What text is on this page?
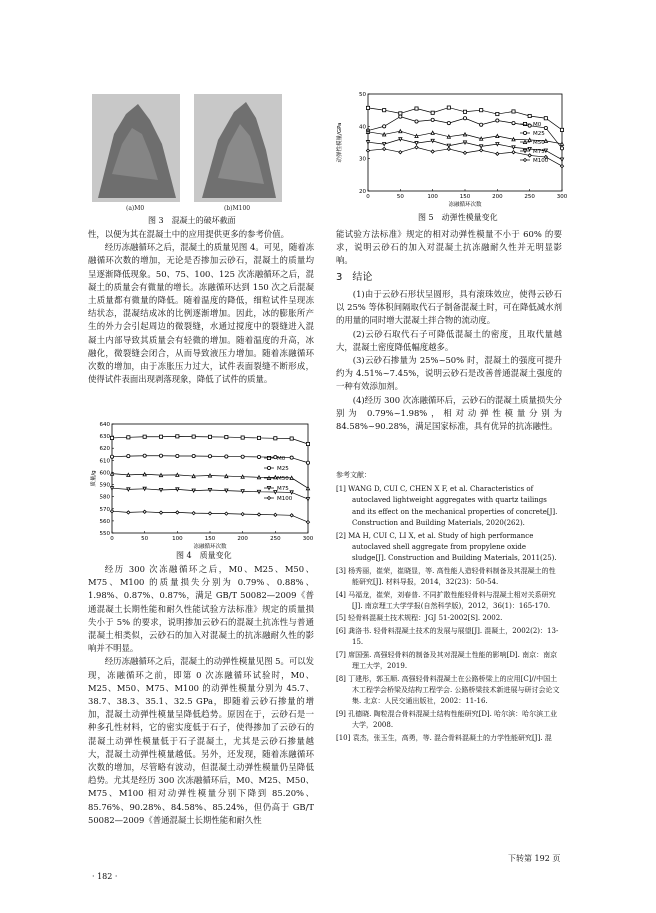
(a)M0	(b)M100
图 3　混凝土的破坏截面

性，以便为其在混凝土中的应用提供更多的参考价值。

经历冻融循环之后，混凝土的质量见图 4。可见，随着冻融循环次数的增加，无论是否掺加云砂石，混凝土的质量均呈逐渐降低现象。50、75、100、125 次冻融循环之后，混凝土的质量会有微量的增长。冻融循环达到 150 次之后混凝土质量都有微量的降低。随着温度的降低，细粒试件呈现冻结状态，混凝结成冰的比例逐渐增加。因此，冰的膨胀所产生的外力会引起周边的微裂缝，水通过搅度中的裂缝进入混凝土内部导致其质量会有轻微的增加。随着温度的升高，冰融化，微裂缝会闭合，从而导致液压力增加。随着冻融循环次数的增加，由于冻胀压力过大，试件表面裂缝不断形成，使得试件表面出现剥落现象，降低了试件的质量。

0	50	100	150	200	250	300
550
560
570
580
590
600
610
620
630
640
冻融循环次数
质量/g
M0
M25
M50
M75
M100
图 4　质量变化

经历 300 次冻融循环之后，M0、M25、M50、M75、M100 的质量损失分别为 0.79%、0.88%、1.98%、0.87%、0.87%，满足 GB/T 50082—2009《普通混凝土长期性能和耐久性能试验方法标准》规定的质量损失小于 5% 的要求，说明掺加云砂石的混凝土抗冻性与普通混凝土相类似，云砂石的加入对混凝土的抗冻融耐久性的影响并不明显。

经历冻融循环之后，混凝土的动弹性模量见图 5。可以发现，冻融循环之前，即第 0 次冻融循环试验时，M0、M25、M50、M75、M100 的动弹性模量分别为 45.7、38.7、38.3、35.1、32.5 GPa，即随着云砂石掺量的增加，混凝土动弹性模量呈降低趋势。原因在于，云砂石是一种多孔性材料，它的密实度低于石子，使得掺加了云砂石的混凝土动弹性模量低于石子混凝土，尤其是云砂石掺量越大，混凝土动弹性模量越低。另外，还发现，随着冻融循环次数的增加，尽管略有波动，但混凝土动弹性模量仍呈降低趋势。尤其是经历 300 次冻融循环后，M0、M25、M50、M75、M100 相对动弹性模量分别下降到 85.20%、85.76%、90.28%、84.58%、85.24%，但仍高于 GB/T 50082—2009《普通混凝土长期性能和耐久性

0	50	100	150	200	250	300
20
30
40
50
冻融循环次数
动弹性模量/GPa	M0
M25
M50
M75
M100
图 5　动弹性模量变化

能试验方法标准》规定的相对动弹性模量不小于 60% 的要求，说明云砂石的加入对混凝土抗冻融耐久性并无明显影响。

3　结论

(1)由于云砂石形状呈圆形，具有滚珠效应，使得云砂石以 25% 等体积间隔取代石子制备混凝土时，可在降低减水剂的用量的同时增大混凝土拌合物的流动度。

(2)云砂石取代石子可降低混凝土的密度，且取代量越大，混凝土密度降低幅度越多。

(3)云砂石掺量为 25%~50% 时，混凝土的强度可提升约为 4.51%~7.45%，说明云砂石是改善普通混凝土强度的一种有效添加剂。

(4)经历 300 次冻融循环后，云砂石的混凝土质量损失分别为 0.79%~1.98%，相对动弹性模量分别为 84.58%~90.28%，满足国家标准，具有优异的抗冻融性。

参考文献：
[1] WANG D, CUI C, CHEN X F, et al. Characteristics of autoclaved lightweight aggregates with quartz tailings and its effect on the mechanical properties of concrete[J]. Construction and Building Materials, 2020(262).
[2] MA H, CUI C, LI X, et al. Study of high performance autoclaved shell aggregate from propylene oxide sludge[J]. Construction and Building Materials, 2011(25).
[3] 杨秀丽，崔荣，崔晓显，等. 高性能人造轻骨料制备及其混凝土的性能研究[J]. 材料导报，2014，32(23)：50-54.
[4] 马福龙，崔荣，刘春普. 不同扩散性能轻骨料与混凝土相对关系研究[J]. 南京理工大学学报(自然科学版)，2012，36(1)：165-170.
[5] 轻骨料混凝土技术规程：JGJ 51-2002[S]. 2002.
[6] 龚洛书. 轻骨料混凝土技术的发展与展望[J]. 混凝土，2002(2)：13-15.
[7] 席国强. 高强轻骨料的制备及其对混凝土性能的影响[D]. 南京：南京理工大学，2019.
[8] 丁建彤，郭玉顺. 高强轻骨料混凝土在公路桥梁上的应用[C]//中国土木工程学会桥梁及结构工程学会. 公路桥梁技术新进展与研讨会论文集. 北京：人民交通出版社，2002：11-16.
[9] 孔德晓. 陶粒混合骨料混凝土结构性能研究[D]. 哈尔滨：哈尔滨工业大学，2008.
[10] 袁杰，张玉生，高勇，等. 混合骨料混凝土的力学性能研究[J]. 混
下转第 192 页
· 182 ·
